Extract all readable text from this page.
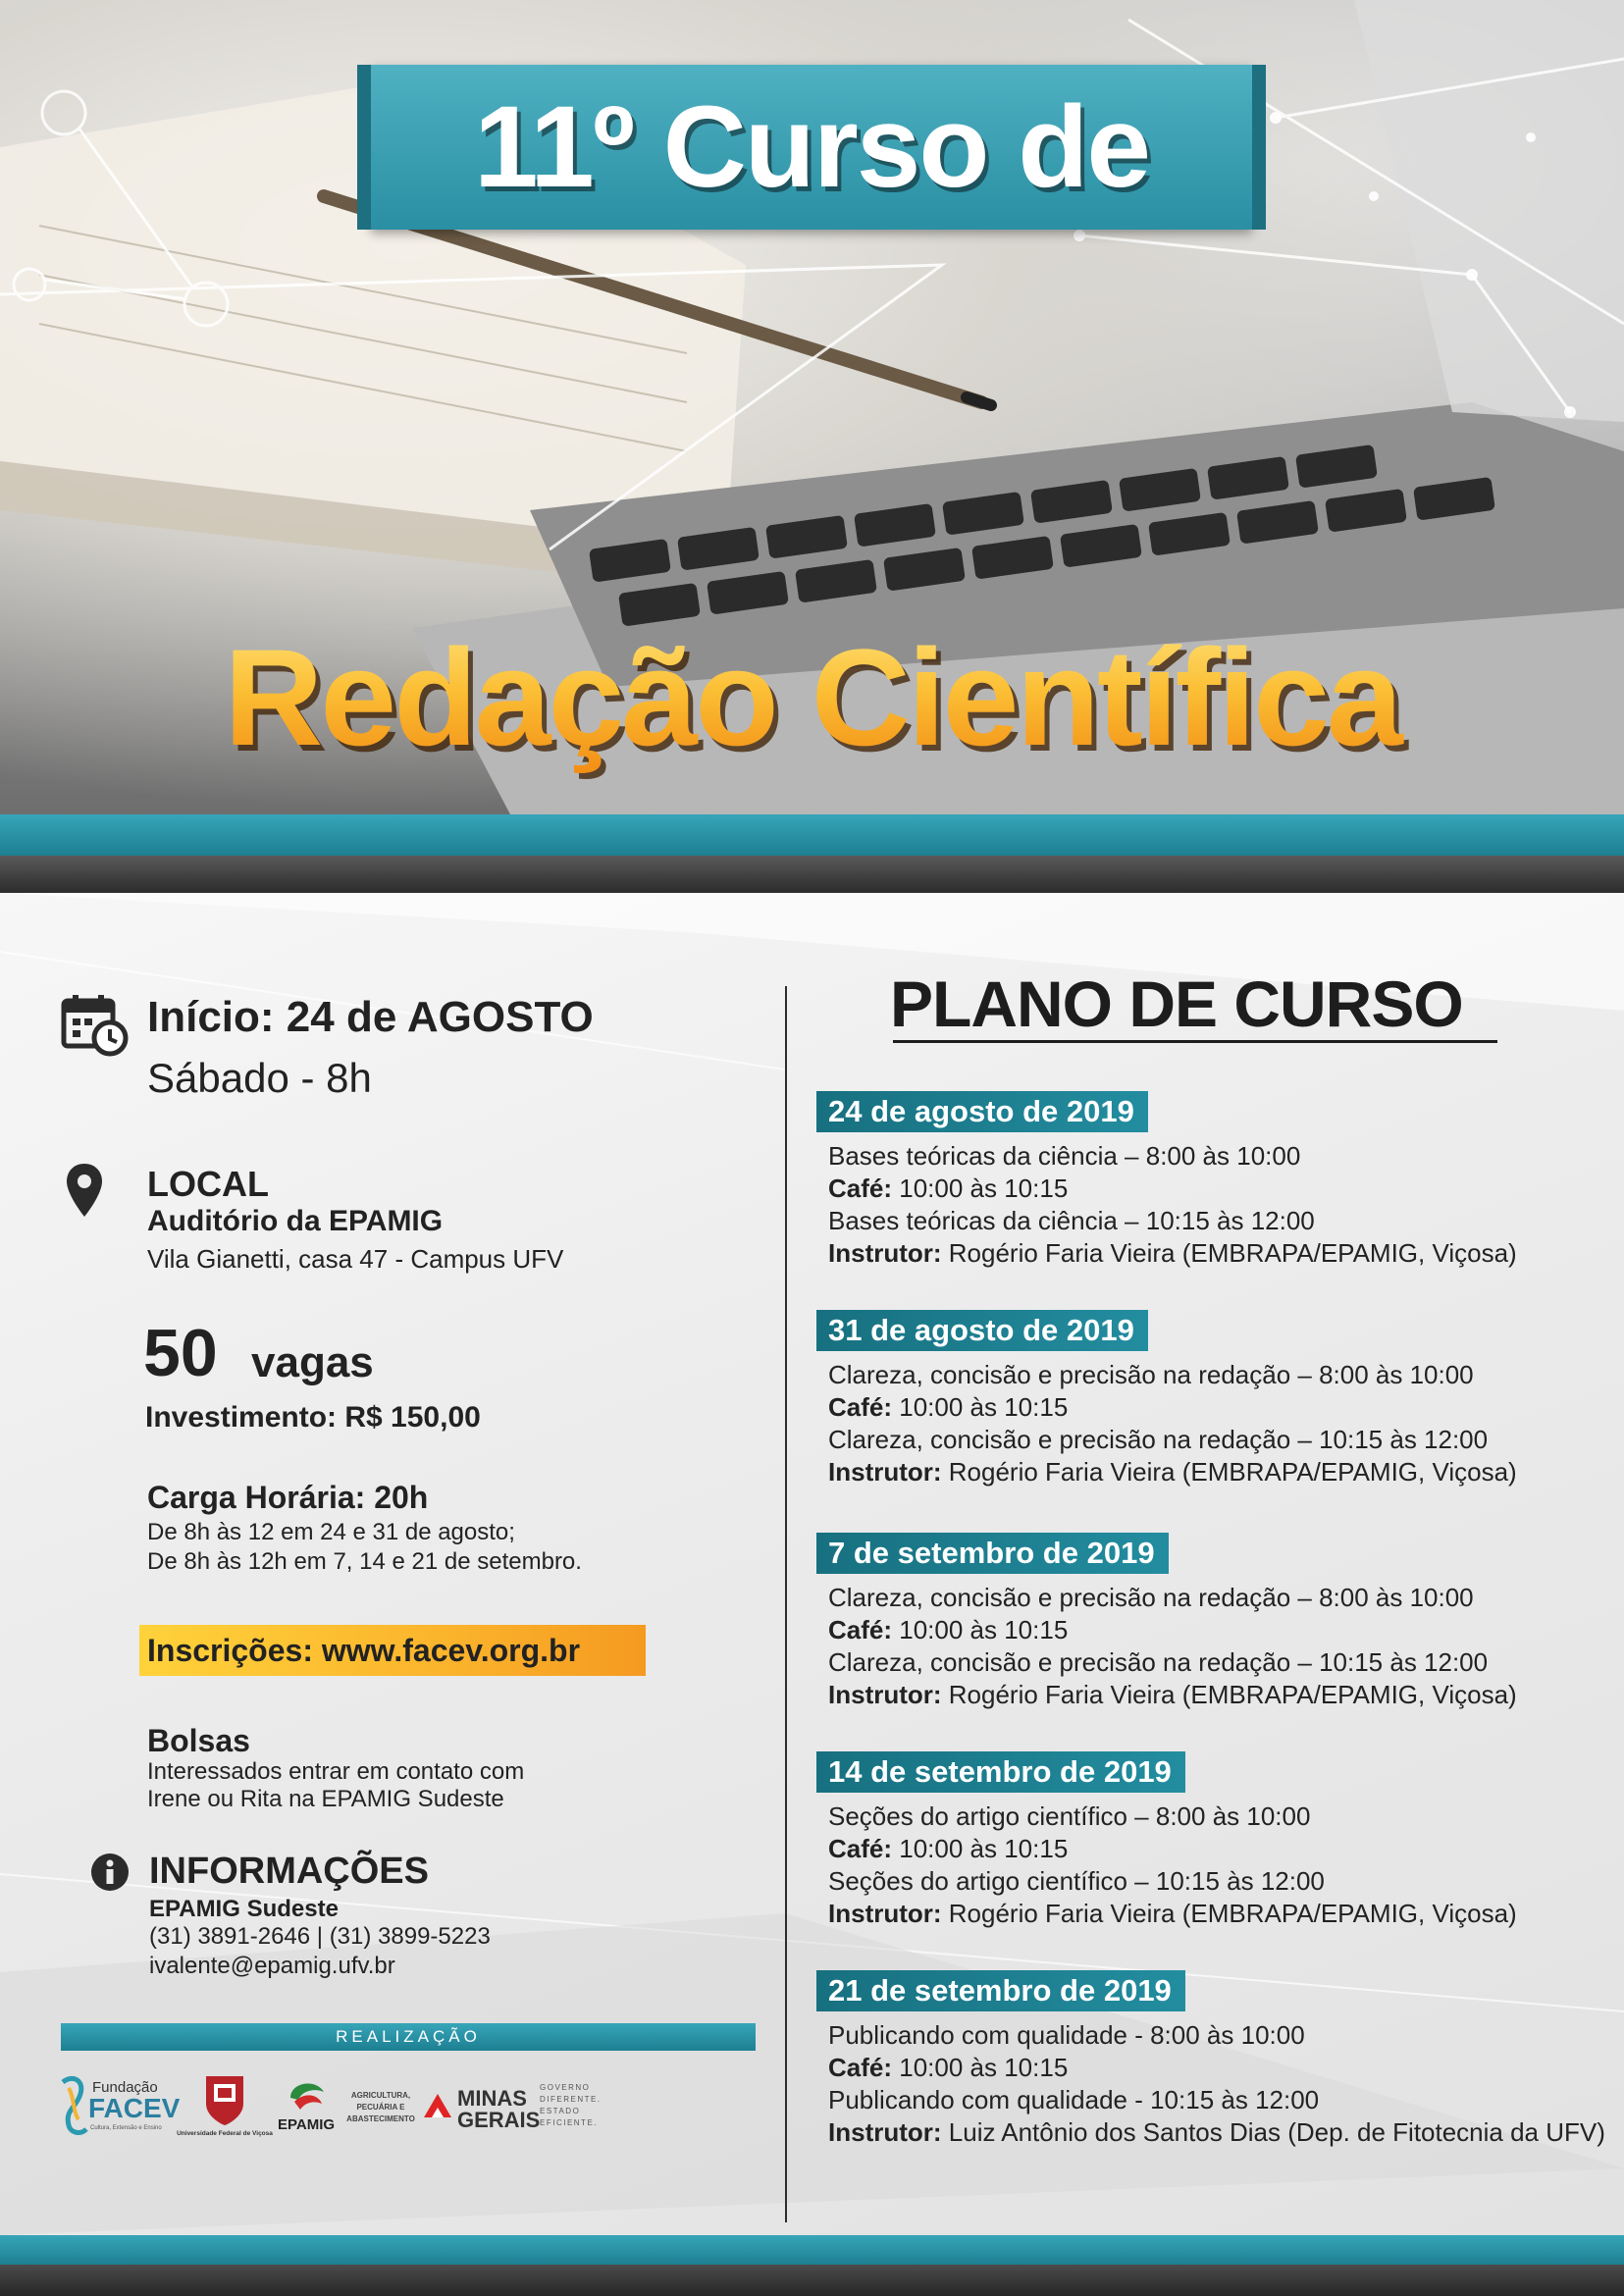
11º Curso de
Redação Científica
Início: 24 de AGOSTO
Sábado - 8h
LOCAL
Auditório da EPAMIG
Vila Gianetti, casa 47 - Campus UFV
50 vagas
Investimento: R$ 150,00
Carga Horária: 20h
De 8h às 12 em 24 e 31 de agosto;
De 8h às 12h em 7, 14 e 21 de setembro.
Inscrições: www.facev.org.br
Bolsas
Interessados entrar em contato com
Irene ou Rita na EPAMIG Sudeste
INFORMAÇÕES
EPAMIG Sudeste
(31) 3891-2646 | (31) 3899-5223
ivalente@epamig.ufv.br
REALIZAÇÃO
Fundação
FACEV
Cultura, Extensão e Ensino
Universidade Federal de Viçosa
EPAMIG
AGRICULTURA,
PECUÁRIA E
ABASTECIMENTO
MINAS
GERAIS
GOVERNO
DIFERENTE.
ESTADO
EFICIENTE.
PLANO DE CURSO
24 de agosto de 2019
Bases teóricas da ciência – 8:00 às 10:00
Café: 10:00 às 10:15
Bases teóricas da ciência – 10:15 às 12:00
Instrutor: Rogério Faria Vieira (EMBRAPA/EPAMIG, Viçosa)
31 de agosto de 2019
Clareza, concisão e precisão na redação – 8:00 às 10:00
Café: 10:00 às 10:15
Clareza, concisão e precisão na redação – 10:15 às 12:00
Instrutor: Rogério Faria Vieira (EMBRAPA/EPAMIG, Viçosa)
7 de setembro de 2019
Clareza, concisão e precisão na redação – 8:00 às 10:00
Café: 10:00 às 10:15
Clareza, concisão e precisão na redação – 10:15 às 12:00
Instrutor: Rogério Faria Vieira (EMBRAPA/EPAMIG, Viçosa)
14 de setembro de 2019
Seções do artigo científico – 8:00 às 10:00
Café: 10:00 às 10:15
Seções do artigo científico – 10:15 às 12:00
Instrutor: Rogério Faria Vieira (EMBRAPA/EPAMIG, Viçosa)
21 de setembro de 2019
Publicando com qualidade - 8:00 às 10:00
Café: 10:00 às 10:15
Publicando com qualidade - 10:15 às 12:00
Instrutor: Luiz Antônio dos Santos Dias (Dep. de Fitotecnia da UFV)
